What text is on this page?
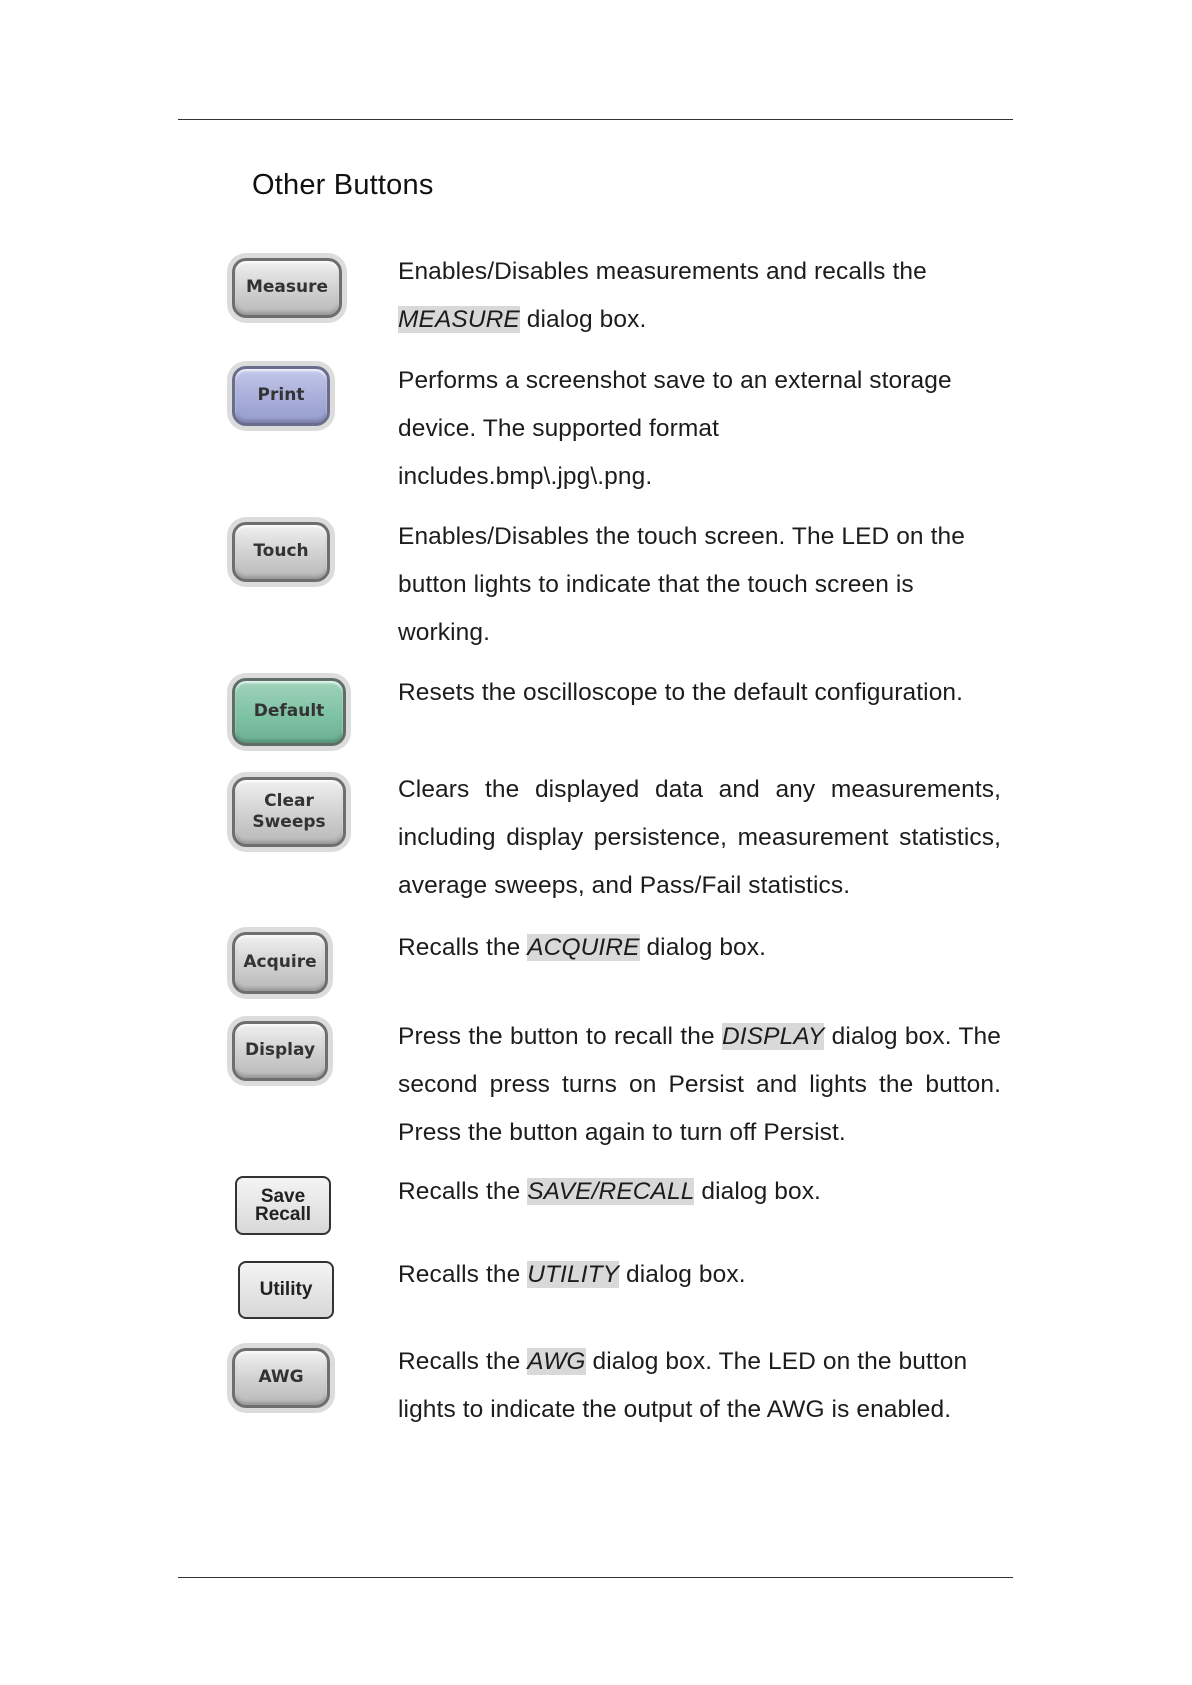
Other Buttons
Measure
Enables/Disables measurements and recalls the MEASURE dialog box.
Print
Performs a screenshot save to an external storage device. The supported format includes.bmp\.jpg\.png.
Touch
Enables/Disables the touch screen. The LED on the button lights to indicate that the touch screen is working.
Default
Resets the oscilloscope to the default configuration.
Clear Sweeps
Clears the displayed data and any measurements, including display persistence, measurement statistics, average sweeps, and Pass/Fail statistics.
Acquire
Recalls the ACQUIRE dialog box.
Display
Press the button to recall the DISPLAY dialog box. The second press turns on Persist and lights the button. Press the button again to turn off Persist.
Save Recall
Recalls the SAVE/RECALL dialog box.
Utility
Recalls the UTILITY dialog box.
AWG
Recalls the AWG dialog box. The LED on the button lights to indicate the output of the AWG is enabled.
